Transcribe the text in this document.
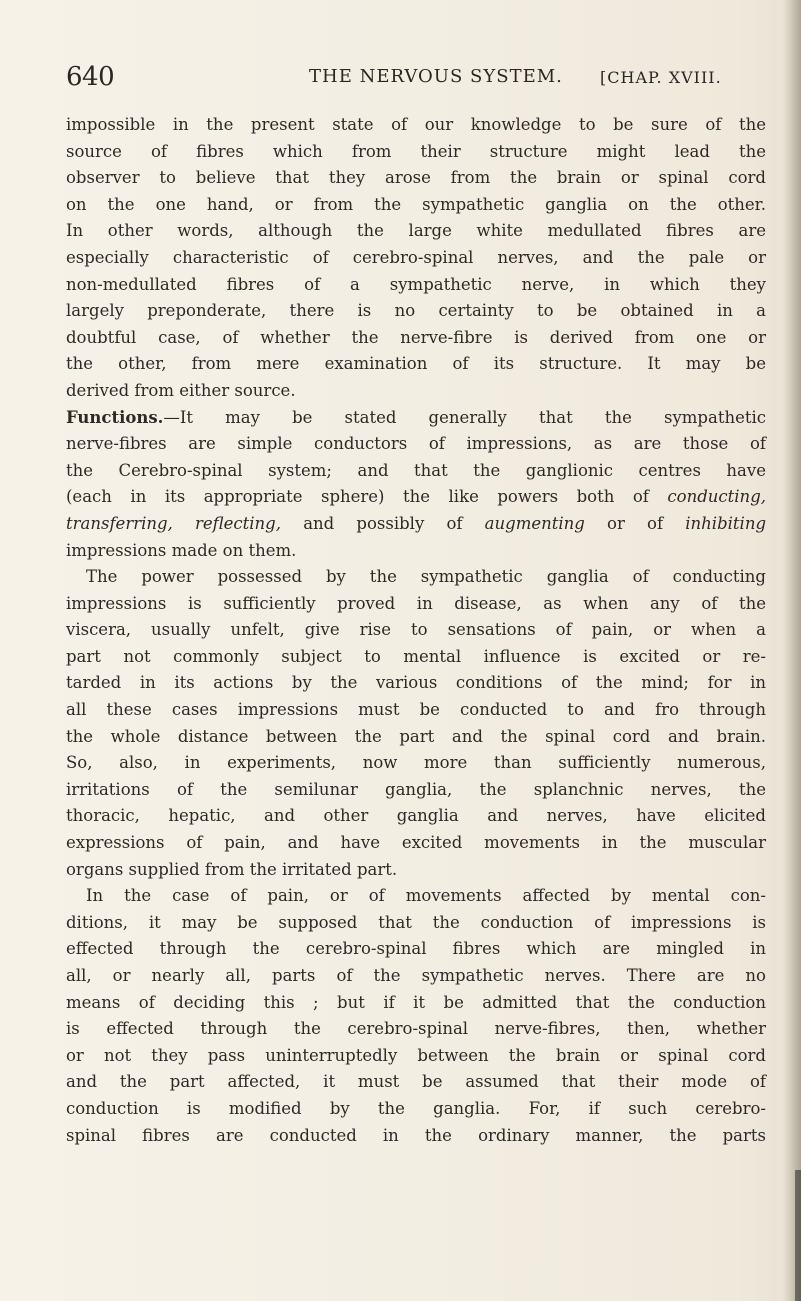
640	THE NERVOUS SYSTEM. [CHAP. XVIII.
impossible in the present state of our knowledge to be sure of the
source of fibres which from their structure might lead the
observer to believe that they arose from the brain or spinal cord
on the one hand, or from the sympathetic ganglia on the other.
In other words, although the large white medullated fibres are
especially characteristic of cerebro-spinal nerves, and the pale or
non-medullated fibres of a sympathetic nerve, in which they
largely preponderate, there is no certainty to be obtained in a
doubtful case, of whether the nerve-fibre is derived from one or
the other, from mere examination of its structure. It may be
derived from either source.
Functions.—It may be stated generally that the sympathetic
nerve-fibres are simple conductors of impressions, as are those of
the Cerebro-spinal system; and that the ganglionic centres have
(each in its appropriate sphere) the like powers both of conducting,
transferring, reflecting, and possibly of augmenting or of inhibiting
impressions made on them.
The power possessed by the sympathetic ganglia of conducting
impressions is sufficiently proved in disease, as when any of the
viscera, usually unfelt, give rise to sensations of pain, or when a
part not commonly subject to mental influence is excited or re-
tarded in its actions by the various conditions of the mind; for in
all these cases impressions must be conducted to and fro through
the whole distance between the part and the spinal cord and brain.
So, also, in experiments, now more than sufficiently numerous,
irritations of the semilunar ganglia, the splanchnic nerves, the
thoracic, hepatic, and other ganglia and nerves, have elicited
expressions of pain, and have excited movements in the muscular
organs supplied from the irritated part.
In the case of pain, or of movements affected by mental con-
ditions, it may be supposed that the conduction of impressions is
effected through the cerebro-spinal fibres which are mingled in
all, or nearly all, parts of the sympathetic nerves. There are no
means of deciding this ; but if it be admitted that the conduction
is effected through the cerebro-spinal nerve-fibres, then, whether
or not they pass uninterruptedly between the brain or spinal cord
and the part affected, it must be assumed that their mode of
conduction is modified by the ganglia. For, if such cerebro-
spinal fibres are conducted in the ordinary manner, the parts
